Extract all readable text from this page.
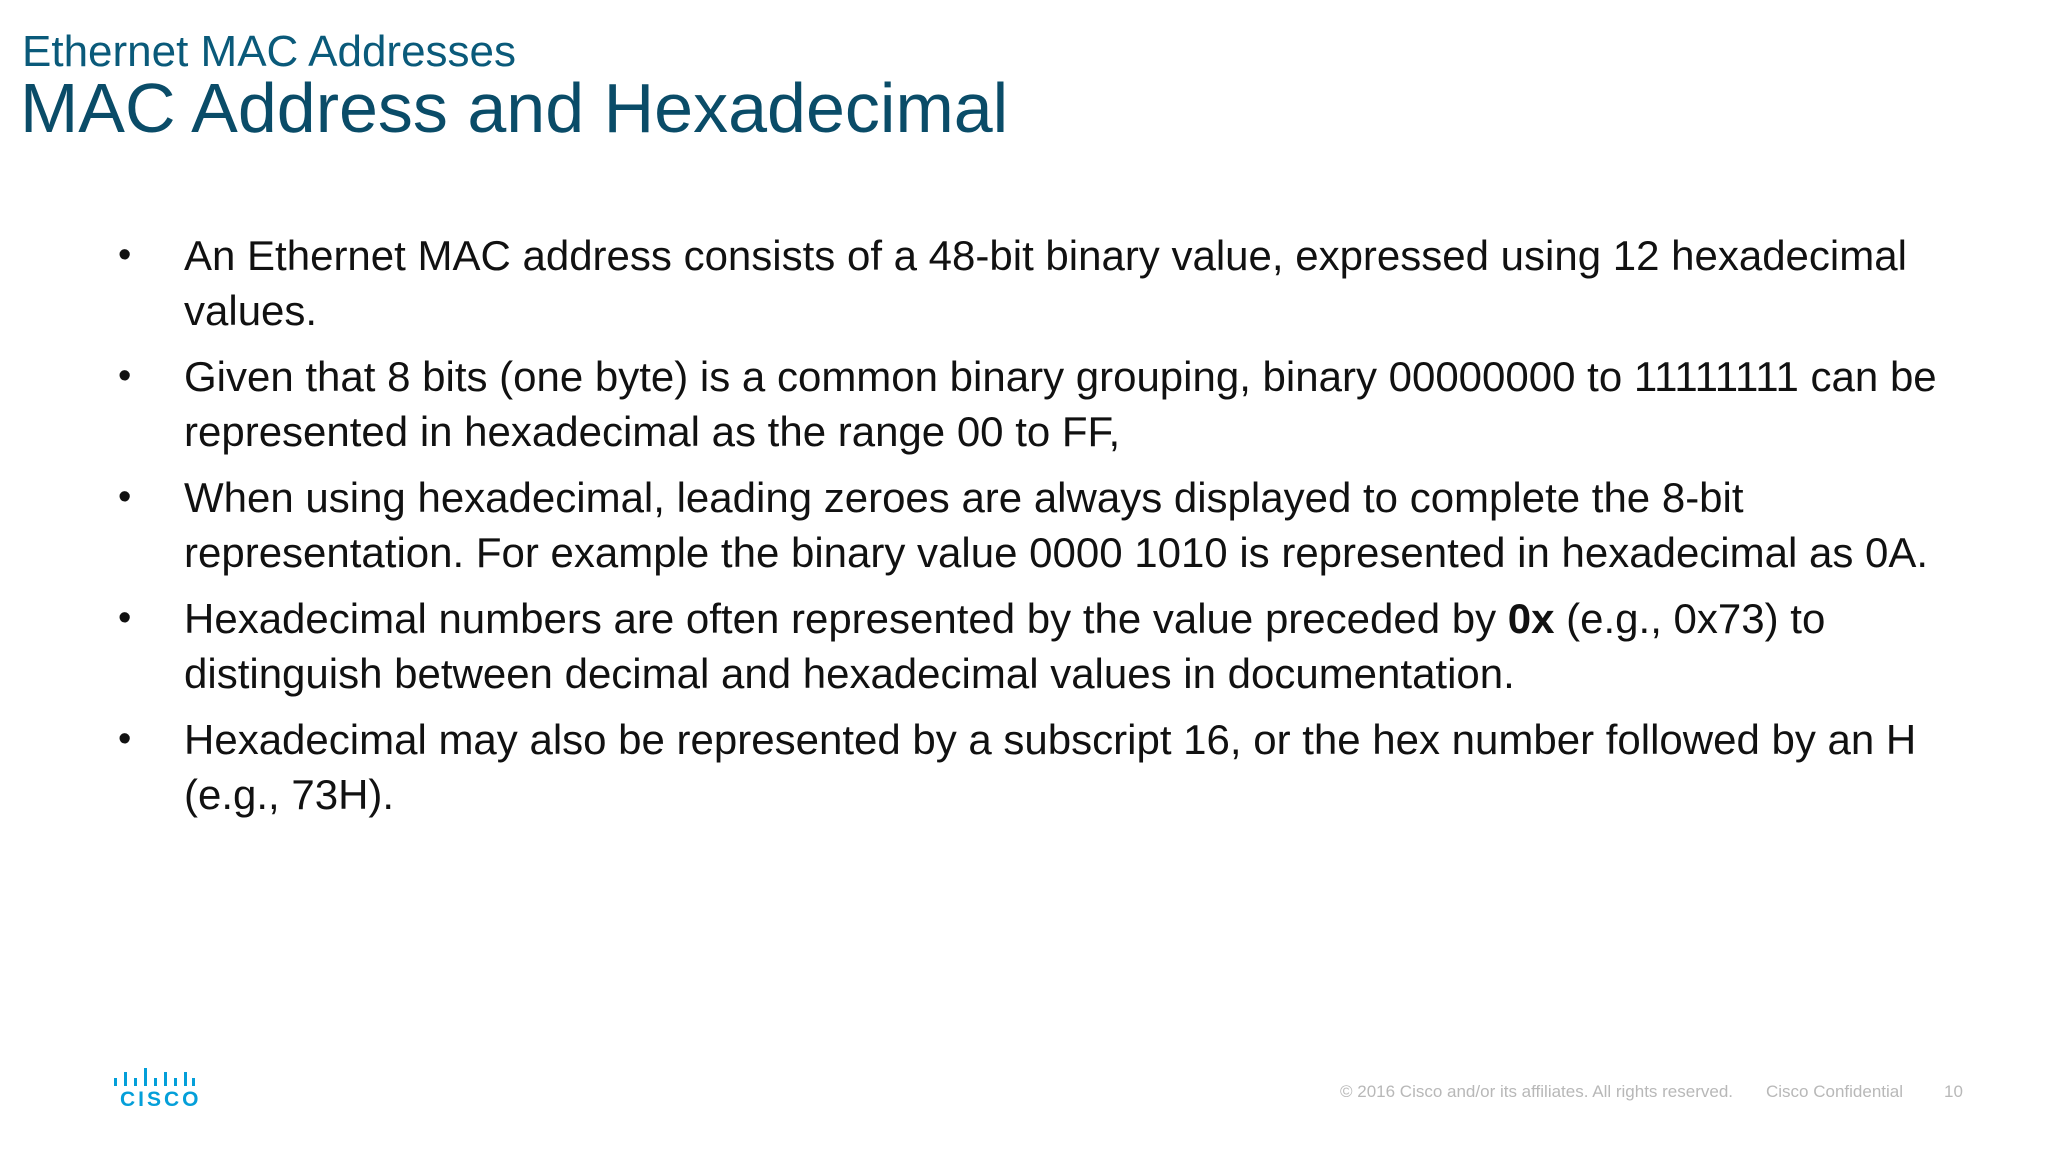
Ethernet MAC Addresses
MAC Address and Hexadecimal
• An Ethernet MAC address consists of a 48-bit binary value, expressed using 12 hexadecimal values.
• Given that 8 bits (one byte) is a common binary grouping, binary 00000000 to 11111111 can be represented in hexadecimal as the range 00 to FF,
• When using hexadecimal, leading zeroes are always displayed to complete the 8-bit representation. For example the binary value 0000 1010 is represented in hexadecimal as 0A.
• Hexadecimal numbers are often represented by the value preceded by 0x (e.g., 0x73) to distinguish between decimal and hexadecimal values in documentation.
• Hexadecimal may also be represented by a subscript 16, or the hex number followed by an H (e.g., 73H).
CISCO	© 2016 Cisco and/or its affiliates. All rights reserved. Cisco Confidential 10
